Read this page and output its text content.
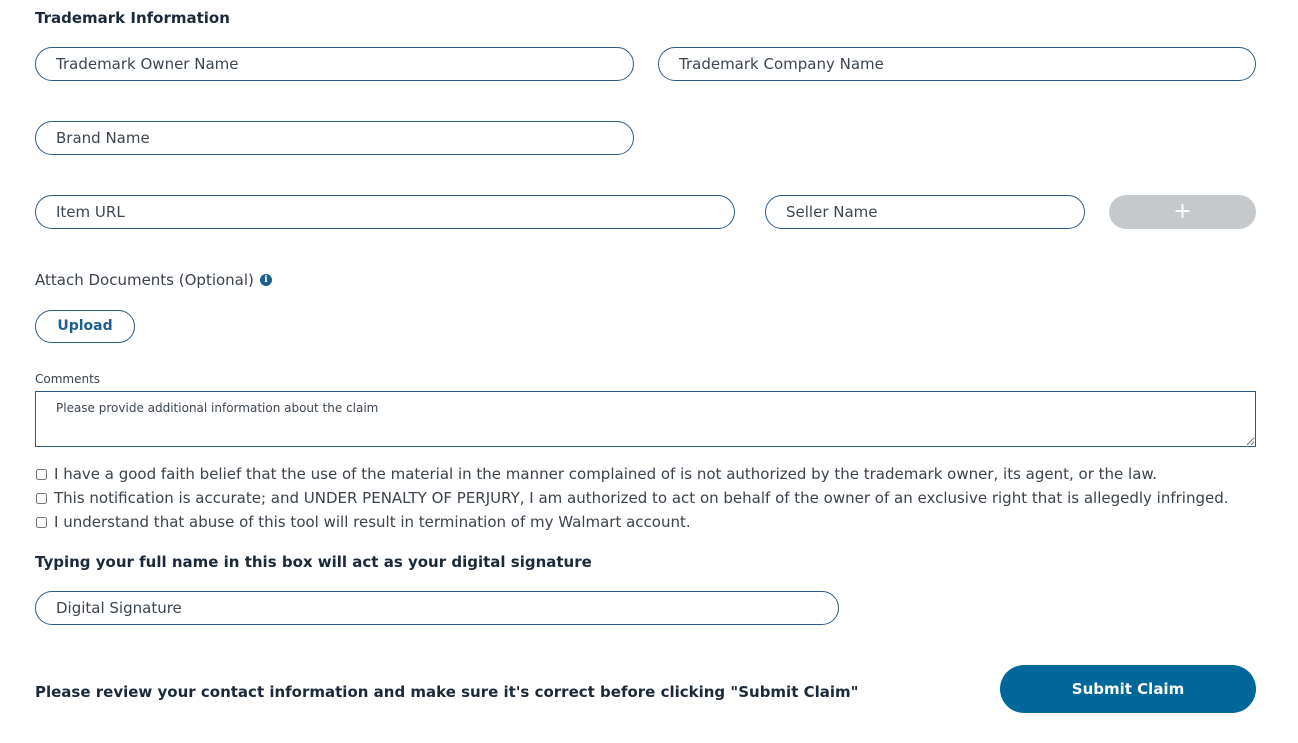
Trademark Information
Trademark Owner Name
Trademark Company Name
Brand Name
Item URL
Seller Name
+
Attach Documents (Optional)	i
Upload
Comments
Please provide additional information about the claim
I have a good faith belief that the use of the material in the manner complained of is not authorized by the trademark owner, its agent, or the law.
This notification is accurate; and UNDER PENALTY OF PERJURY, I am authorized to act on behalf of the owner of an exclusive right that is allegedly infringed.
I understand that abuse of this tool will result in termination of my Walmart account.
Typing your full name in this box will act as your digital signature
Digital Signature
Please review your contact information and make sure it's correct before clicking "Submit Claim"	Submit Claim
